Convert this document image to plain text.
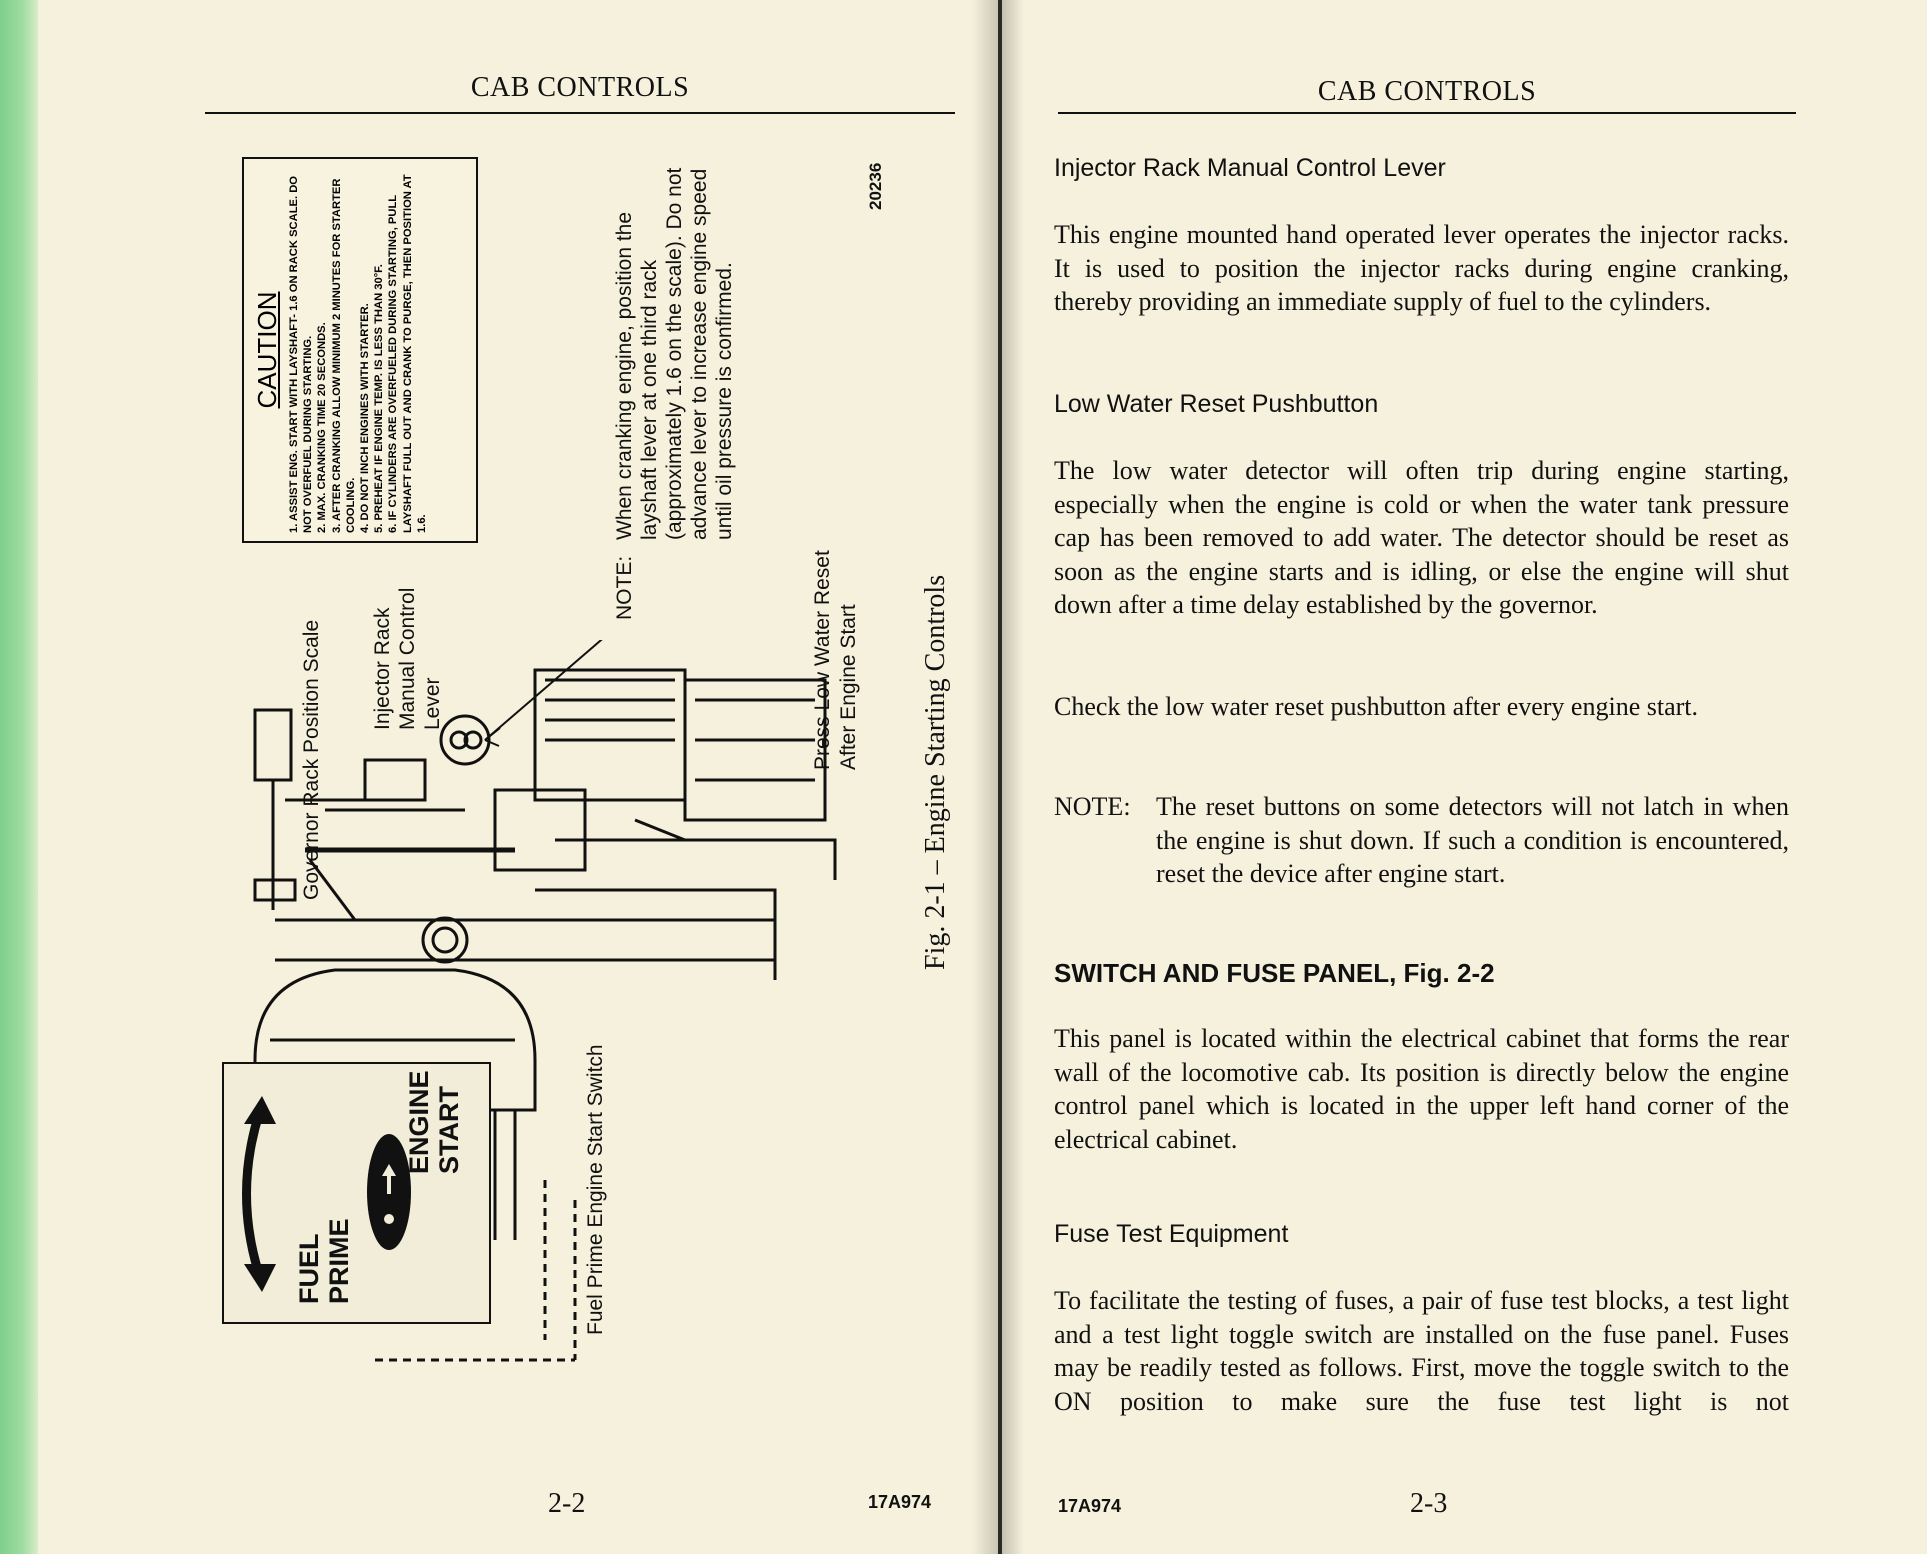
CAB CONTROLS
CAUTION 1. ASSIST ENG. START WITH LAYSHAFT- 1.6 ON RACK SCALE. DO NOT OVERFUEL DURING STARTING. 2. MAX. CRANKING TIME 20 SECONDS. 3. AFTER CRANKING ALLOW MINIMUM 2 MINUTES FOR STARTER COOLING. 4. DO NOT INCH ENGINES WITH STARTER. 5. PREHEAT IF ENGINE TEMP. IS LESS THAN 30°F. 6. IF CYLINDERS ARE OVERFUELED DURING STARTING, PULL LAYSHAFT FULL OUT AND CRANK TO PURGE, THEN POSITION AT 1.6.
NOTE:
When cranking engine, position the layshaft lever at one third rack (approximately 1.6 on the scale). Do not advance lever to increase engine speed until oil pressure is confirmed.
20236
Governor Rack Position Scale Injector Rack Manual Control Lever	Press Low Water Reset After Engine Start
Fuel Prime Engine Start Switch
FUEL PRIME
ENGINE START
Fig. 2-1 – Engine Starting Controls
2-2	17A974
CAB CONTROLS
Injector Rack Manual Control Lever
This engine mounted hand operated lever operates the injector racks. It is used to position the injector racks during engine cranking, thereby providing an immediate supply of fuel to the cylinders.
Low Water Reset Pushbutton
The low water detector will often trip during engine starting, especially when the engine is cold or when the water tank pressure cap has been removed to add water. The detector should be reset as soon as the engine starts and is idling, or else the engine will shut down after a time delay established by the governor.
Check the low water reset pushbutton after every engine start.
NOTE: The reset buttons on some detectors will not latch in when the engine is shut down. If such a condition is encountered, reset the device after engine start.
SWITCH AND FUSE PANEL, Fig. 2-2
This panel is located within the electrical cabinet that forms the rear wall of the locomotive cab. Its position is directly below the engine control panel which is located in the upper left hand corner of the electrical cabinet.
Fuse Test Equipment
To facilitate the testing of fuses, a pair of fuse test blocks, a test light and a test light toggle switch are installed on the fuse panel. Fuses may be readily tested as follows. First, move the toggle switch to the ON position to make sure the fuse test light is not
17A974	2-3
